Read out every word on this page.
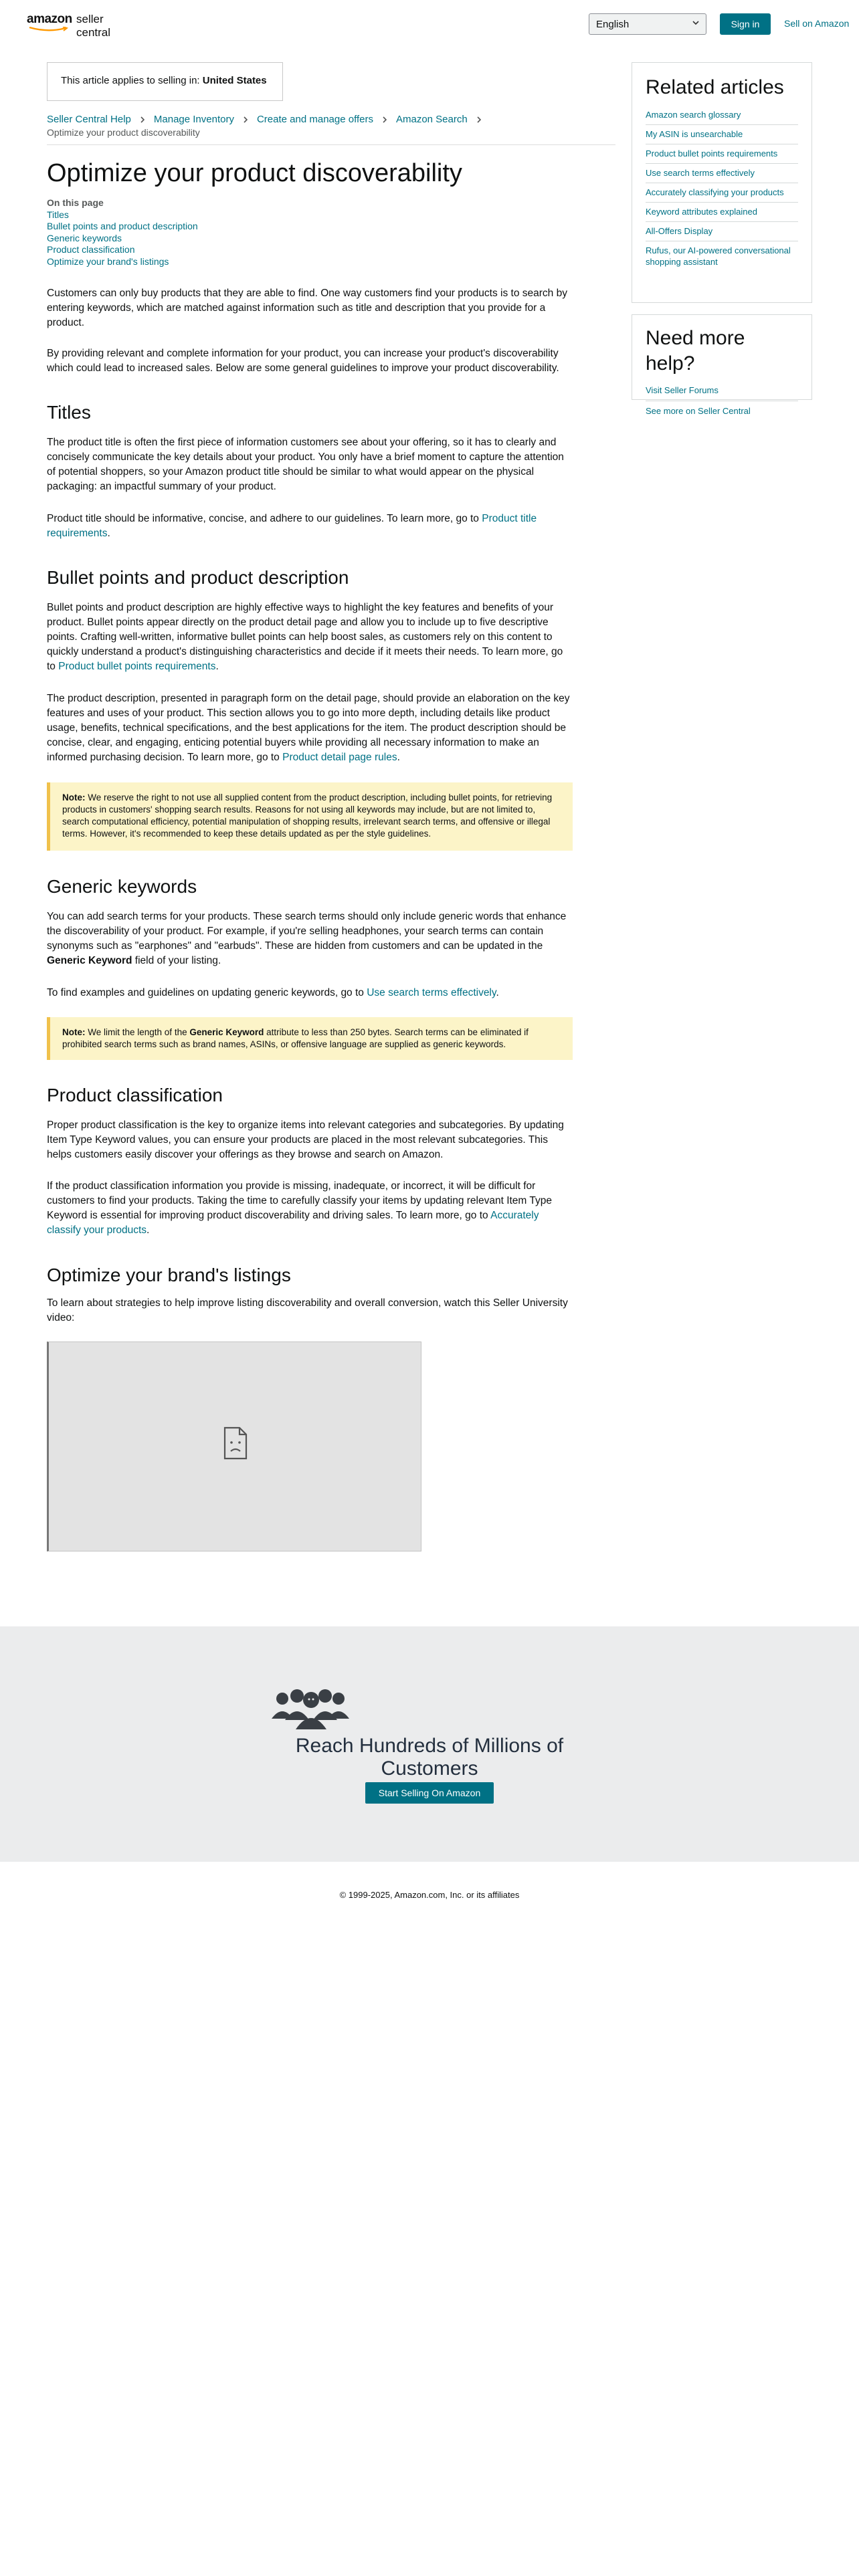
amazon seller central
English	Sign in	Sell on Amazon
This article applies to selling in: United States
Seller Central Help Manage Inventory Create and manage offers Amazon Search
Optimize your product discoverability
Optimize your product discoverability
On this page
Titles
Bullet points and product description
Generic keywords
Product classification
Optimize your brand's listings

Customers can only buy products that they are able to find. One way customers find your products is to search by entering keywords, which are matched against information such as title and description that you provide for a product.

By providing relevant and complete information for your product, you can increase your product's discoverability which could lead to increased sales. Below are some general guidelines to improve your product discoverability.

Titles

The product title is often the first piece of information customers see about your offering, so it has to clearly and concisely communicate the key details about your product. You only have a brief moment to capture the attention of potential shoppers, so your Amazon product title should be similar to what would appear on the physical packaging: an impactful summary of your product.

Product title should be informative, concise, and adhere to our guidelines. To learn more, go to Product title requirements.

Bullet points and product description

Bullet points and product description are highly effective ways to highlight the key features and benefits of your product. Bullet points appear directly on the product detail page and allow you to include up to five descriptive points. Crafting well-written, informative bullet points can help boost sales, as customers rely on this content to quickly understand a product's distinguishing characteristics and decide if it meets their needs. To learn more, go to Product bullet points requirements.

The product description, presented in paragraph form on the detail page, should provide an elaboration on the key features and uses of your product. This section allows you to go into more depth, including details like product usage, benefits, technical specifications, and the best applications for the item. The product description should be concise, clear, and engaging, enticing potential buyers while providing all necessary information to make an informed purchasing decision. To learn more, go to Product detail page rules.

Note: We reserve the right to not use all supplied content from the product description, including bullet points, for retrieving products in customers' shopping search results. Reasons for not using all keywords may include, but are not limited to, search computational efficiency, potential manipulation of shopping results, irrelevant search terms, and offensive or illegal terms. However, it's recommended to keep these details updated as per the style guidelines.
Generic keywords

You can add search terms for your products. These search terms should only include generic words that enhance the discoverability of your product. For example, if you're selling headphones, your search terms can contain synonyms such as "earphones" and "earbuds". These are hidden from customers and can be updated in the Generic Keyword field of your listing.

To find examples and guidelines on updating generic keywords, go to Use search terms effectively.

Note: We limit the length of the Generic Keyword attribute to less than 250 bytes. Search terms can be eliminated if prohibited search terms such as brand names, ASINs, or offensive language are supplied as generic keywords.
Product classification

Proper product classification is the key to organize items into relevant categories and subcategories. By updating Item Type Keyword values, you can ensure your products are placed in the most relevant subcategories. This helps customers easily discover your offerings as they browse and search on Amazon.

If the product classification information you provide is missing, inadequate, or incorrect, it will be difficult for customers to find your products. Taking the time to carefully classify your items by updating relevant Item Type Keyword is essential for improving product discoverability and driving sales. To learn more, go to Accurately classify your products.

Optimize your brand's listings

To learn about strategies to help improve listing discoverability and overall conversion, watch this Seller University video:

Related articles
Amazon search glossary
My ASIN is unsearchable
Product bullet points requirements
Use search terms effectively
Accurately classifying your products
Keyword attributes explained
All-Offers Display
Rufus, our AI-powered conversational shopping assistant
Need more help?
Visit Seller Forums
See more on Seller Central
Reach Hundreds of Millions of Customers
Start Selling On Amazon
© 1999-2025, Amazon.com, Inc. or its affiliates
